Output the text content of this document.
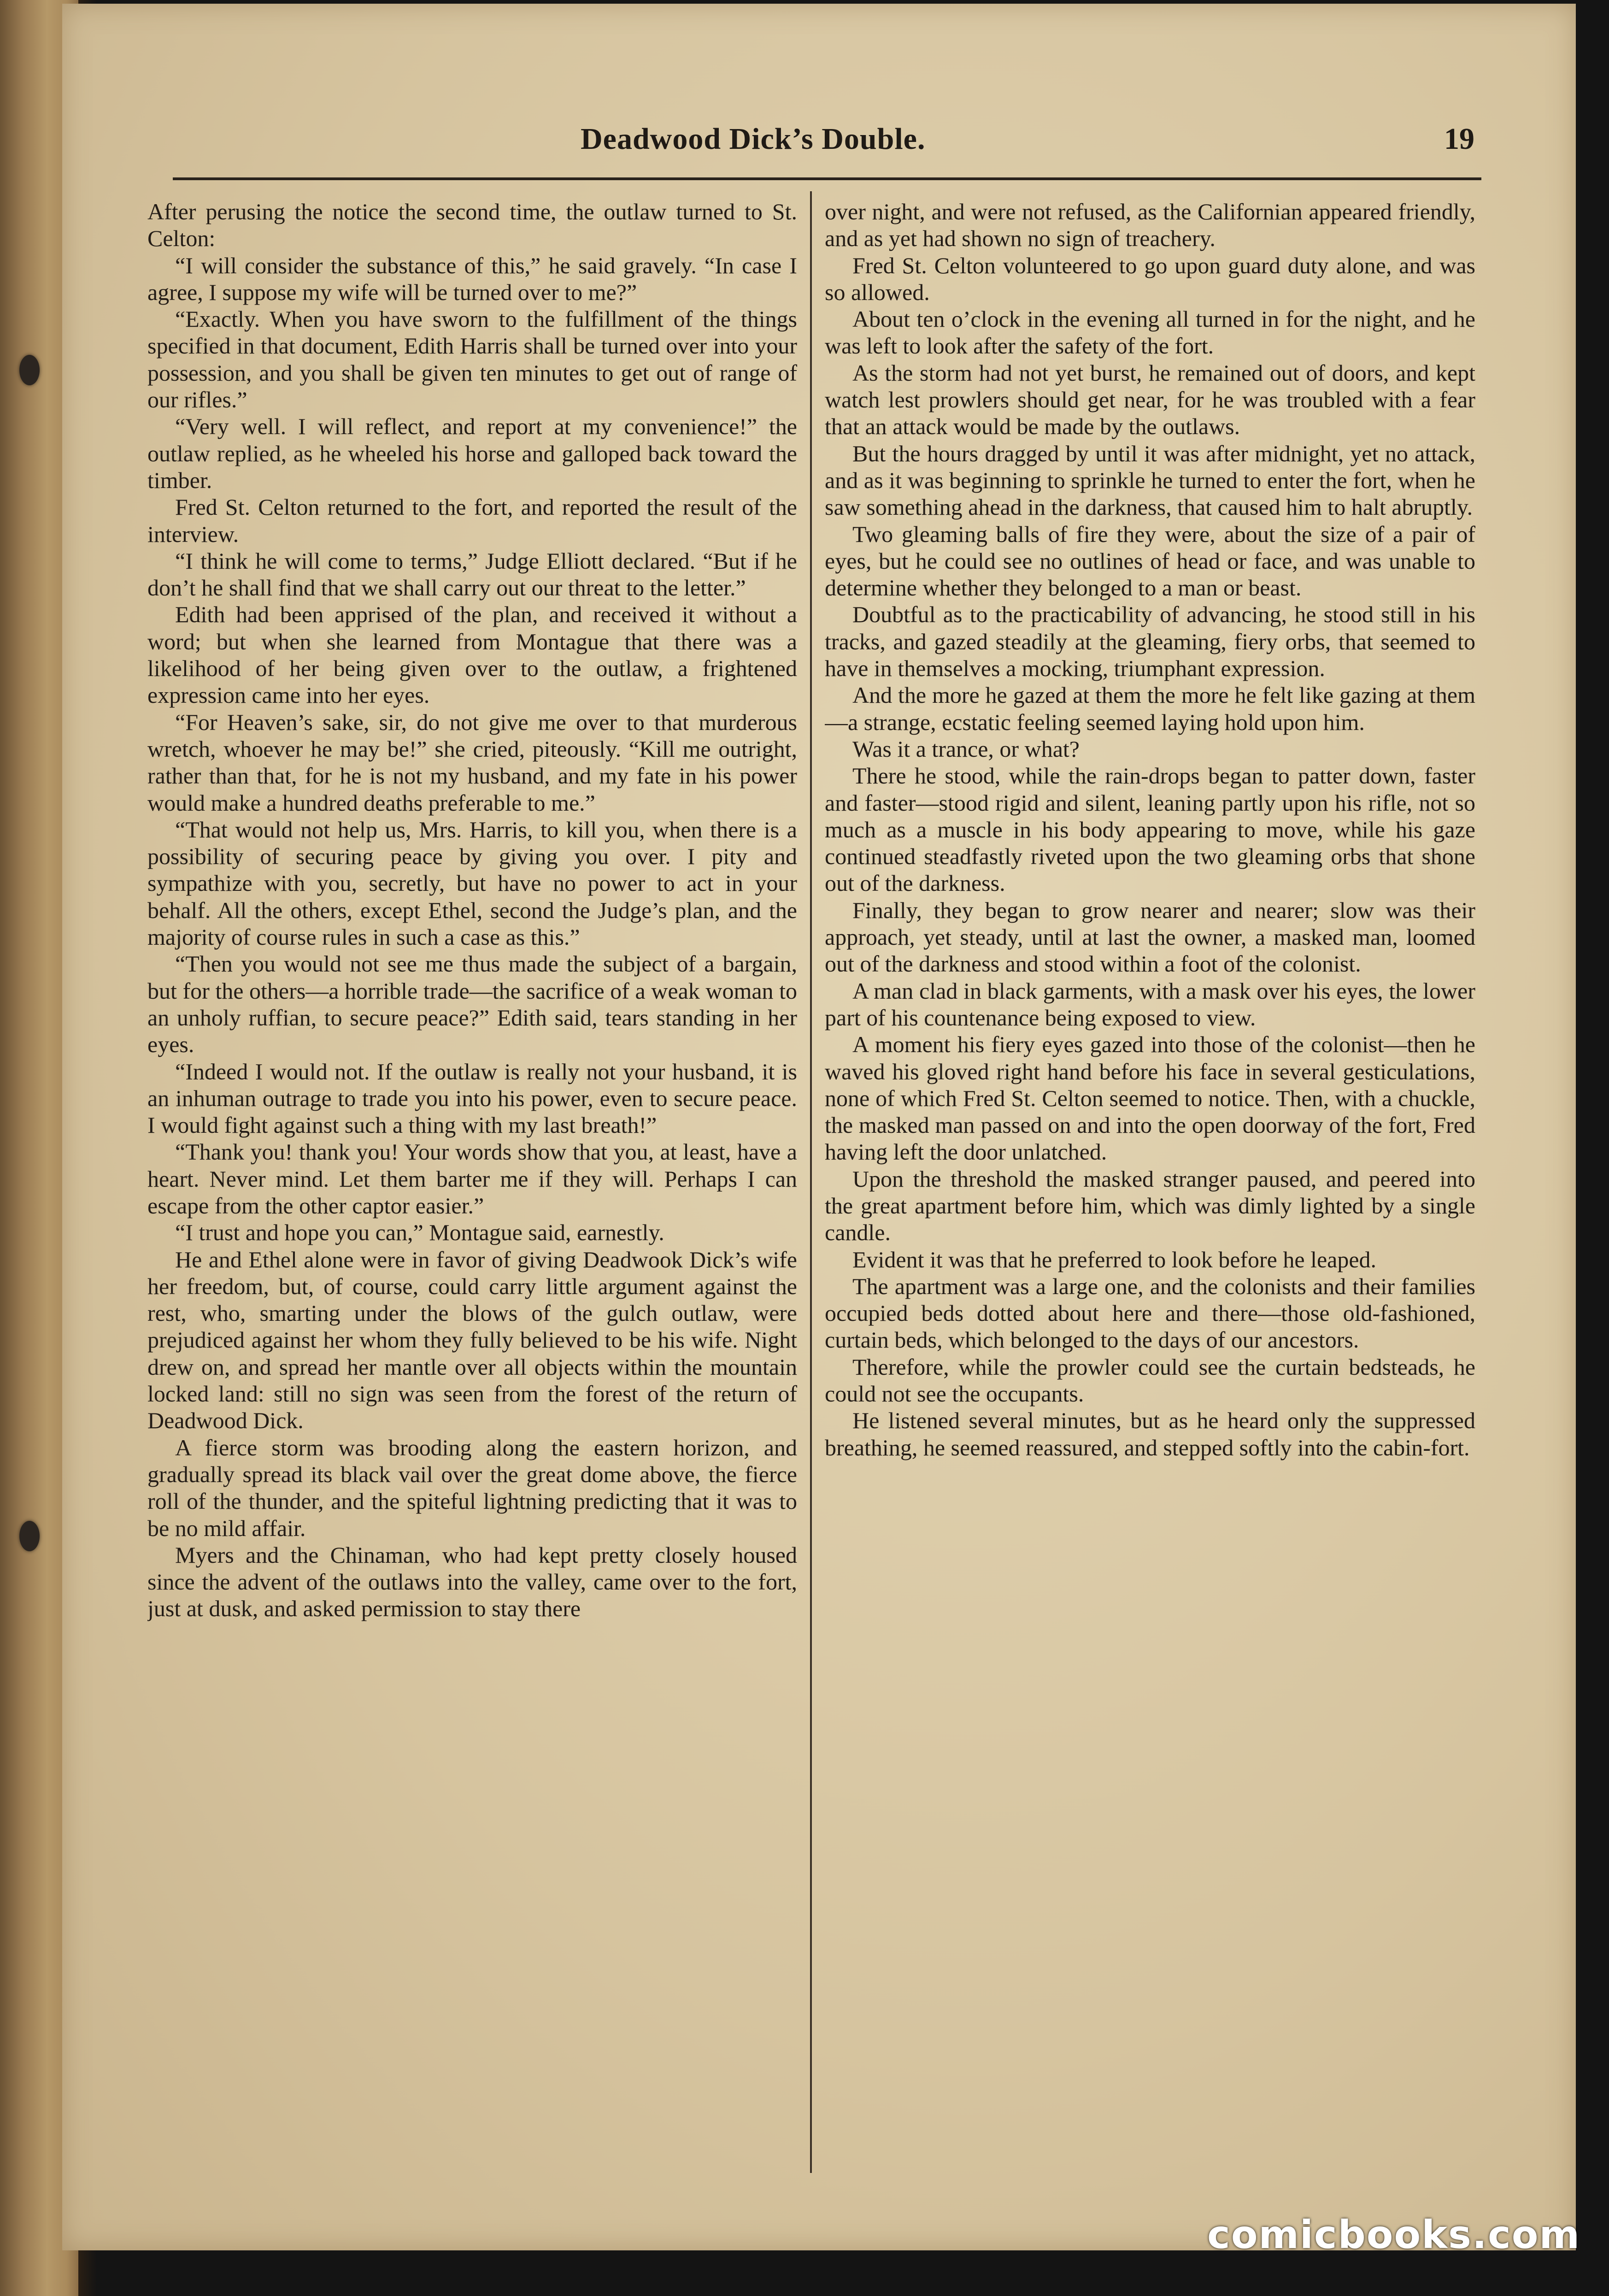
Deadwood Dick’s Double.	19

After perusing the notice the second time, the outlaw turned to St. Celton:

“I will consider the substance of this,” he said gravely. “In case I agree, I suppose my wife will be turned over to me?”

“Exactly. When you have sworn to the fulfillment of the things specified in that document, Edith Harris shall be turned over into your possession, and you shall be given ten minutes to get out of range of our rifles.”

“Very well. I will reflect, and report at my convenience!” the outlaw replied, as he wheeled his horse and galloped back toward the timber.

Fred St. Celton returned to the fort, and reported the result of the interview.

“I think he will come to terms,” Judge Elliott declared. “But if he don’t he shall find that we shall carry out our threat to the letter.”

Edith had been apprised of the plan, and received it without a word; but when she learned from Montague that there was a likelihood of her being given over to the outlaw, a frightened expression came into her eyes.

“For Heaven’s sake, sir, do not give me over to that murderous wretch, whoever he may be!” she cried, piteously. “Kill me outright, rather than that, for he is not my husband, and my fate in his power would make a hundred deaths preferable to me.”

“That would not help us, Mrs. Harris, to kill you, when there is a possibility of securing peace by giving you over. I pity and sympathize with you, secretly, but have no power to act in your behalf. All the others, except Ethel, second the Judge’s plan, and the majority of course rules in such a case as this.”

“Then you would not see me thus made the subject of a bargain, but for the others—a horrible trade—the sacrifice of a weak woman to an unholy ruffian, to secure peace?” Edith said, tears standing in her eyes.

“Indeed I would not. If the outlaw is really not your husband, it is an inhuman outrage to trade you into his power, even to secure peace. I would fight against such a thing with my last breath!”

“Thank you! thank you! Your words show that you, at least, have a heart. Never mind. Let them barter me if they will. Perhaps I can escape from the other captor easier.”

“I trust and hope you can,” Montague said, earnestly.

He and Ethel alone were in favor of giving Deadwook Dick’s wife her freedom, but, of course, could carry little argument against the rest, who, smarting under the blows of the gulch outlaw, were prejudiced against her whom they fully believed to be his wife. Night drew on, and spread her mantle over all objects within the mountain locked land: still no sign was seen from the forest of the return of Deadwood Dick.

A fierce storm was brooding along the eastern horizon, and gradually spread its black vail over the great dome above, the fierce roll of the thunder, and the spiteful lightning predicting that it was to be no mild affair.

Myers and the Chinaman, who had kept pretty closely housed since the advent of the outlaws into the valley, came over to the fort, just at dusk, and asked permission to stay there

over night, and were not refused, as the Californian appeared friendly, and as yet had shown no sign of treachery.

Fred St. Celton volunteered to go upon guard duty alone, and was so allowed.

About ten o’clock in the evening all turned in for the night, and he was left to look after the safety of the fort.

As the storm had not yet burst, he remained out of doors, and kept watch lest prowlers should get near, for he was troubled with a fear that an attack would be made by the outlaws.

But the hours dragged by until it was after midnight, yet no attack, and as it was beginning to sprinkle he turned to enter the fort, when he saw something ahead in the darkness, that caused him to halt abruptly.

Two gleaming balls of fire they were, about the size of a pair of eyes, but he could see no outlines of head or face, and was unable to determine whether they belonged to a man or beast.

Doubtful as to the practicability of advancing, he stood still in his tracks, and gazed steadily at the gleaming, fiery orbs, that seemed to have in themselves a mocking, triumphant expression.

And the more he gazed at them the more he felt like gazing at them—a strange, ecstatic feeling seemed laying hold upon him.

Was it a trance, or what?

There he stood, while the rain-drops began to patter down, faster and faster—stood rigid and silent, leaning partly upon his rifle, not so much as a muscle in his body appearing to move, while his gaze continued steadfastly riveted upon the two gleaming orbs that shone out of the darkness.

Finally, they began to grow nearer and nearer; slow was their approach, yet steady, until at last the owner, a masked man, loomed out of the darkness and stood within a foot of the colonist.

A man clad in black garments, with a mask over his eyes, the lower part of his countenance being exposed to view.

A moment his fiery eyes gazed into those of the colonist—then he waved his gloved right hand before his face in several gesticulations, none of which Fred St. Celton seemed to notice. Then, with a chuckle, the masked man passed on and into the open doorway of the fort, Fred having left the door unlatched.

Upon the threshold the masked stranger paused, and peered into the great apartment before him, which was dimly lighted by a single candle.

Evident it was that he preferred to look before he leaped.

The apartment was a large one, and the colonists and their families occupied beds dotted about here and there—those old-fashioned, curtain beds, which belonged to the days of our ancestors.

Therefore, while the prowler could see the curtain bedsteads, he could not see the occupants.

He listened several minutes, but as he heard only the suppressed breathing, he seemed reassured, and stepped softly into the cabin-fort.

comicbooks.com
